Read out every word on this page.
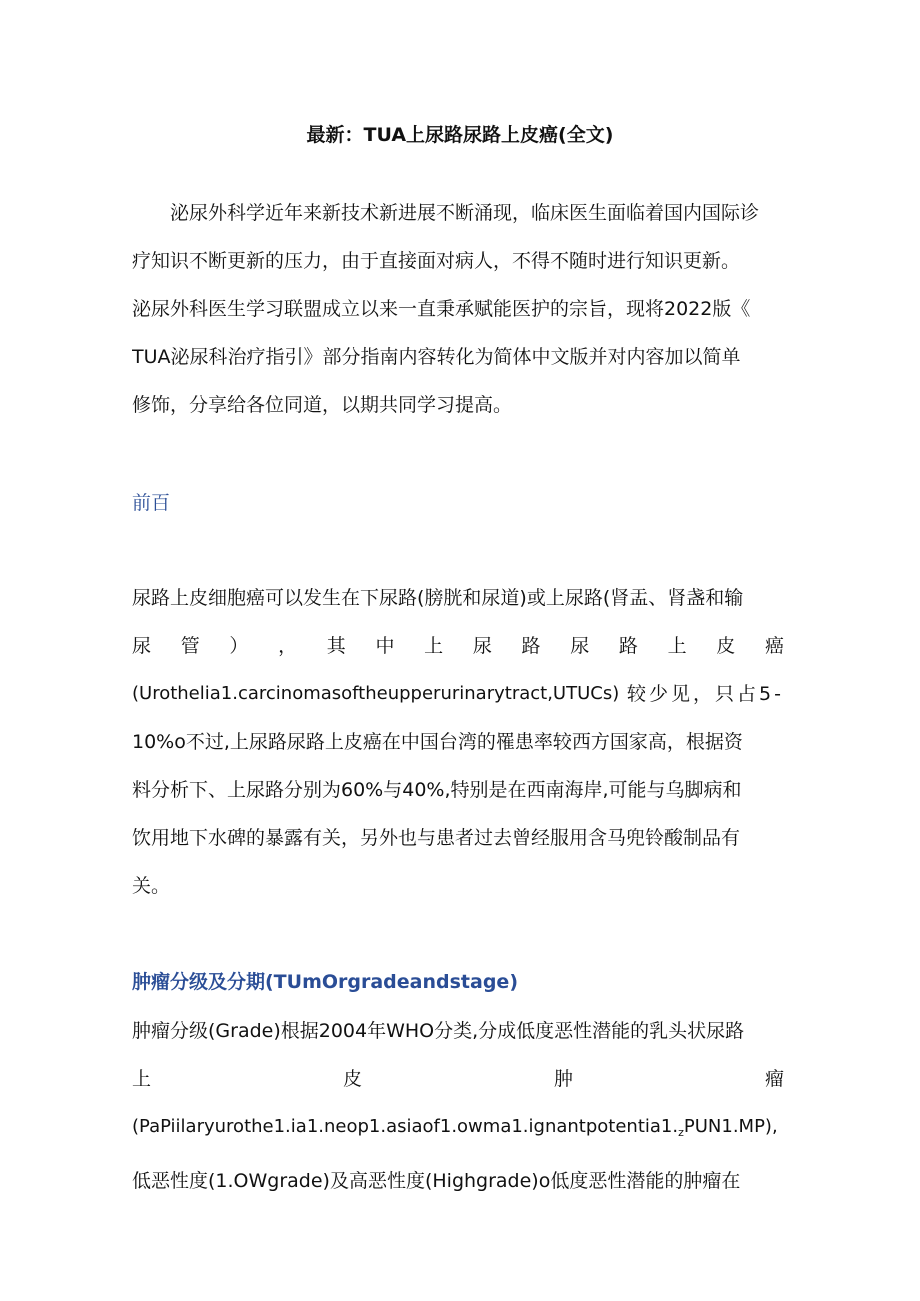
最新：TUA上尿路尿路上皮癌(全文)

泌尿外科学近年来新技术新进展不断涌现，临床医生面临着国内国际诊
疗知识不断更新的压力，由于直接面对病人，不得不随时进行知识更新。
泌尿外科医生学习联盟成立以来一直秉承赋能医护的宗旨，现将2022版《
TUA泌尿科治疗指引》部分指南内容转化为简体中文版并对内容加以简单
修饰，分享给各位同道，以期共同学习提高。

前百
尿路上皮细胞癌可以发生在下尿路(膀胱和尿道)或上尿路(肾盂、肾盏和输
尿 管 ） ， 其 中 上 尿 路 尿 路 上 皮 癌
(Urothelia1.carcinomasoftheupperurinarytract,UTUCs) 较少见，只占5-
10%o不过,上尿路尿路上皮癌在中国台湾的罹患率较西方国家高，根据资
料分析下、上尿路分别为60%与40%,特别是在西南海岸,可能与乌脚病和
饮用地下水碑的暴露有关，另外也与患者过去曾经服用含马兜铃酸制品有
关。
肿瘤分级及分期(TUmOrgradeandstage)
肿瘤分级(Grade)根据2004年WHO分类,分成低度恶性潜能的乳头状尿路
上	皮	肿	瘤
$(PaPiilaryurothe1.ia1.neop1.asiaof1.owma1.ignantpotentia1._zPUN1.MP)$,
低恶性度(1.OWgrade)及高恶性度(Highgrade)o低度恶性潜能的肿瘤在
